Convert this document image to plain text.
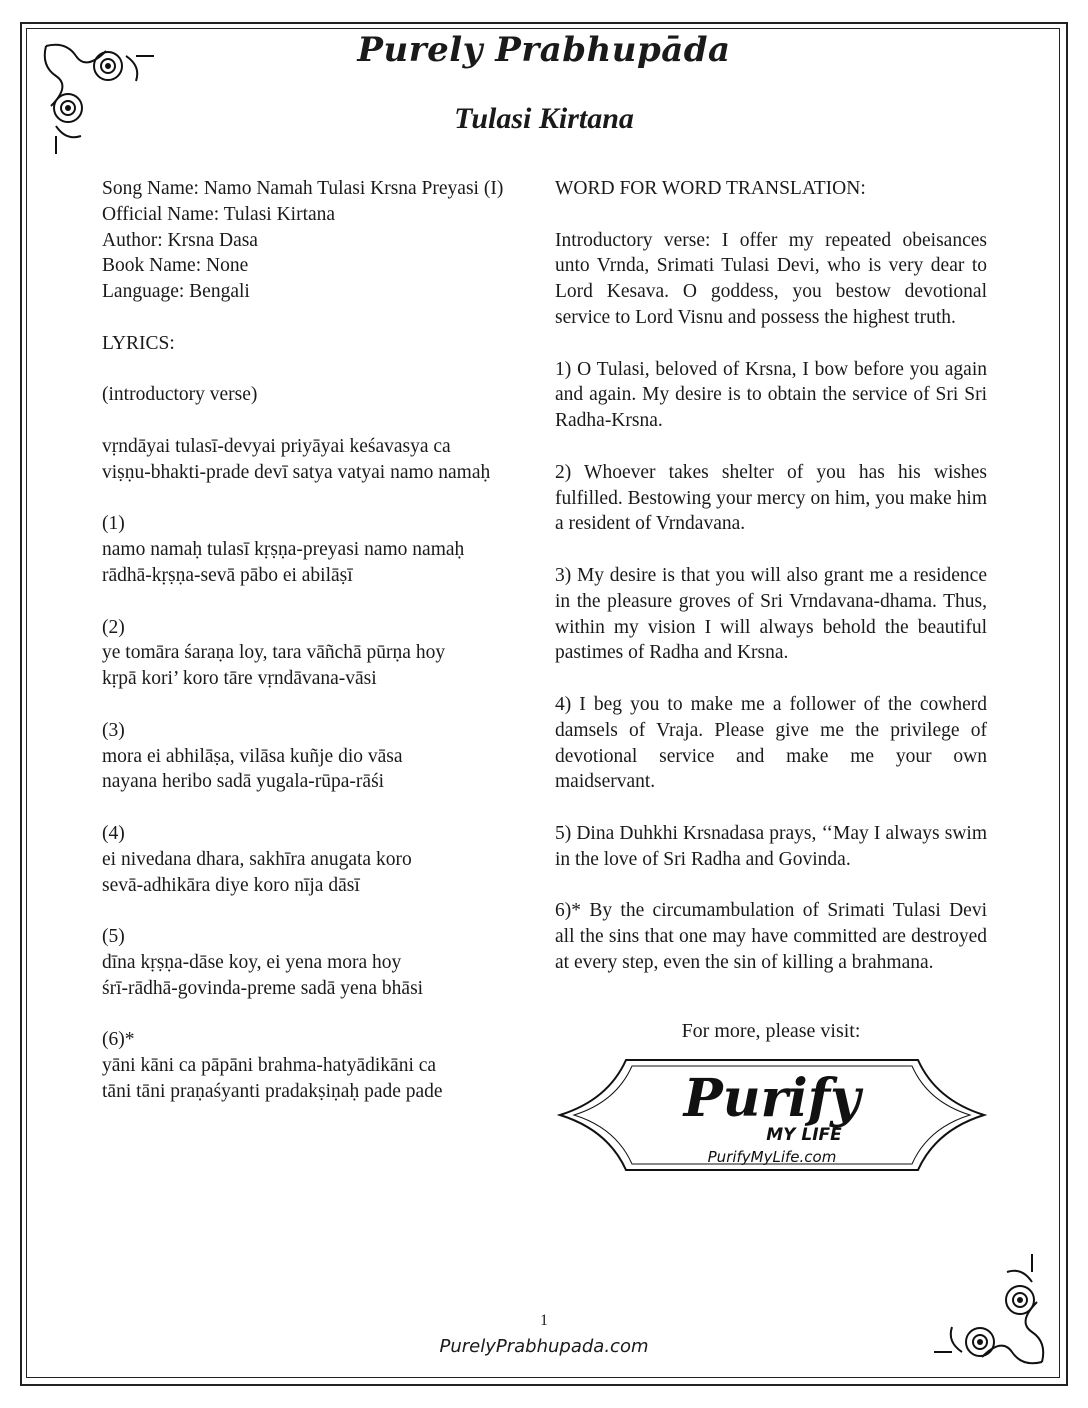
Purely Prabhupāda
Tulasi Kirtana

Song Name: Namo Namah Tulasi Krsna Preyasi (I)

Official Name: Tulasi Kirtana

Author: Krsna Dasa

Book Name: None

Language: Bengali

LYRICS:

(introductory verse)

vṛndāyai tulasī-devyai priyāyai keśavasya ca

viṣṇu-bhakti-prade devī satya vatyai namo namaḥ

(1)

namo namaḥ tulasī kṛṣṇa-preyasi namo namaḥ

rādhā-kṛṣṇa-sevā pābo ei abilāṣī

(2)

ye tomāra śaraṇa loy, tara vāñchā pūrṇa hoy

kṛpā kori’ koro tāre vṛndāvana-vāsi

(3)

mora ei abhilāṣa, vilāsa kuñje dio vāsa

nayana heribo sadā yugala-rūpa-rāśi

(4)

ei nivedana dhara, sakhīra anugata koro

sevā-adhikāra diye koro nīja dāsī

(5)

dīna kṛṣṇa-dāse koy, ei yena mora hoy

śrī-rādhā-govinda-preme sadā yena bhāsi

(6)*

yāni kāni ca pāpāni brahma-hatyādikāni ca

tāni tāni praṇaśyanti pradakṣiṇaḥ pade pade

WORD FOR WORD TRANSLATION:

Introductory verse: I offer my repeated obeisances unto Vrnda, Srimati Tulasi Devi, who is very dear to Lord Kesava. O goddess, you bestow devotional service to Lord Visnu and possess the highest truth.

1) O Tulasi, beloved of Krsna, I bow before you again and again. My desire is to obtain the service of Sri Sri Radha-Krsna.

2) Whoever takes shelter of you has his wishes fulfilled. Bestowing your mercy on him, you make him a resident of Vrndavana.

3) My desire is that you will also grant me a residence in the pleasure groves of Sri Vrndavana-dhama. Thus, within my vision I will always behold the beautiful pastimes of Radha and Krsna.

4) I beg you to make me a follower of the cowherd damsels of Vraja. Please give me the privilege of devotional service and make me your own maidservant.

5) Dina Duhkhi Krsnadasa prays, ‘‘May I always swim in the love of Sri Radha and Govinda.

6)* By the circumambulation of Srimati Tulasi Devi all the sins that one may have committed are destroyed at every step, even the sin of killing a brahmana.

For more, please visit:
Purify
MY LIFE
PurifyMyLife.com
1
PurelyPrabhupada.com
